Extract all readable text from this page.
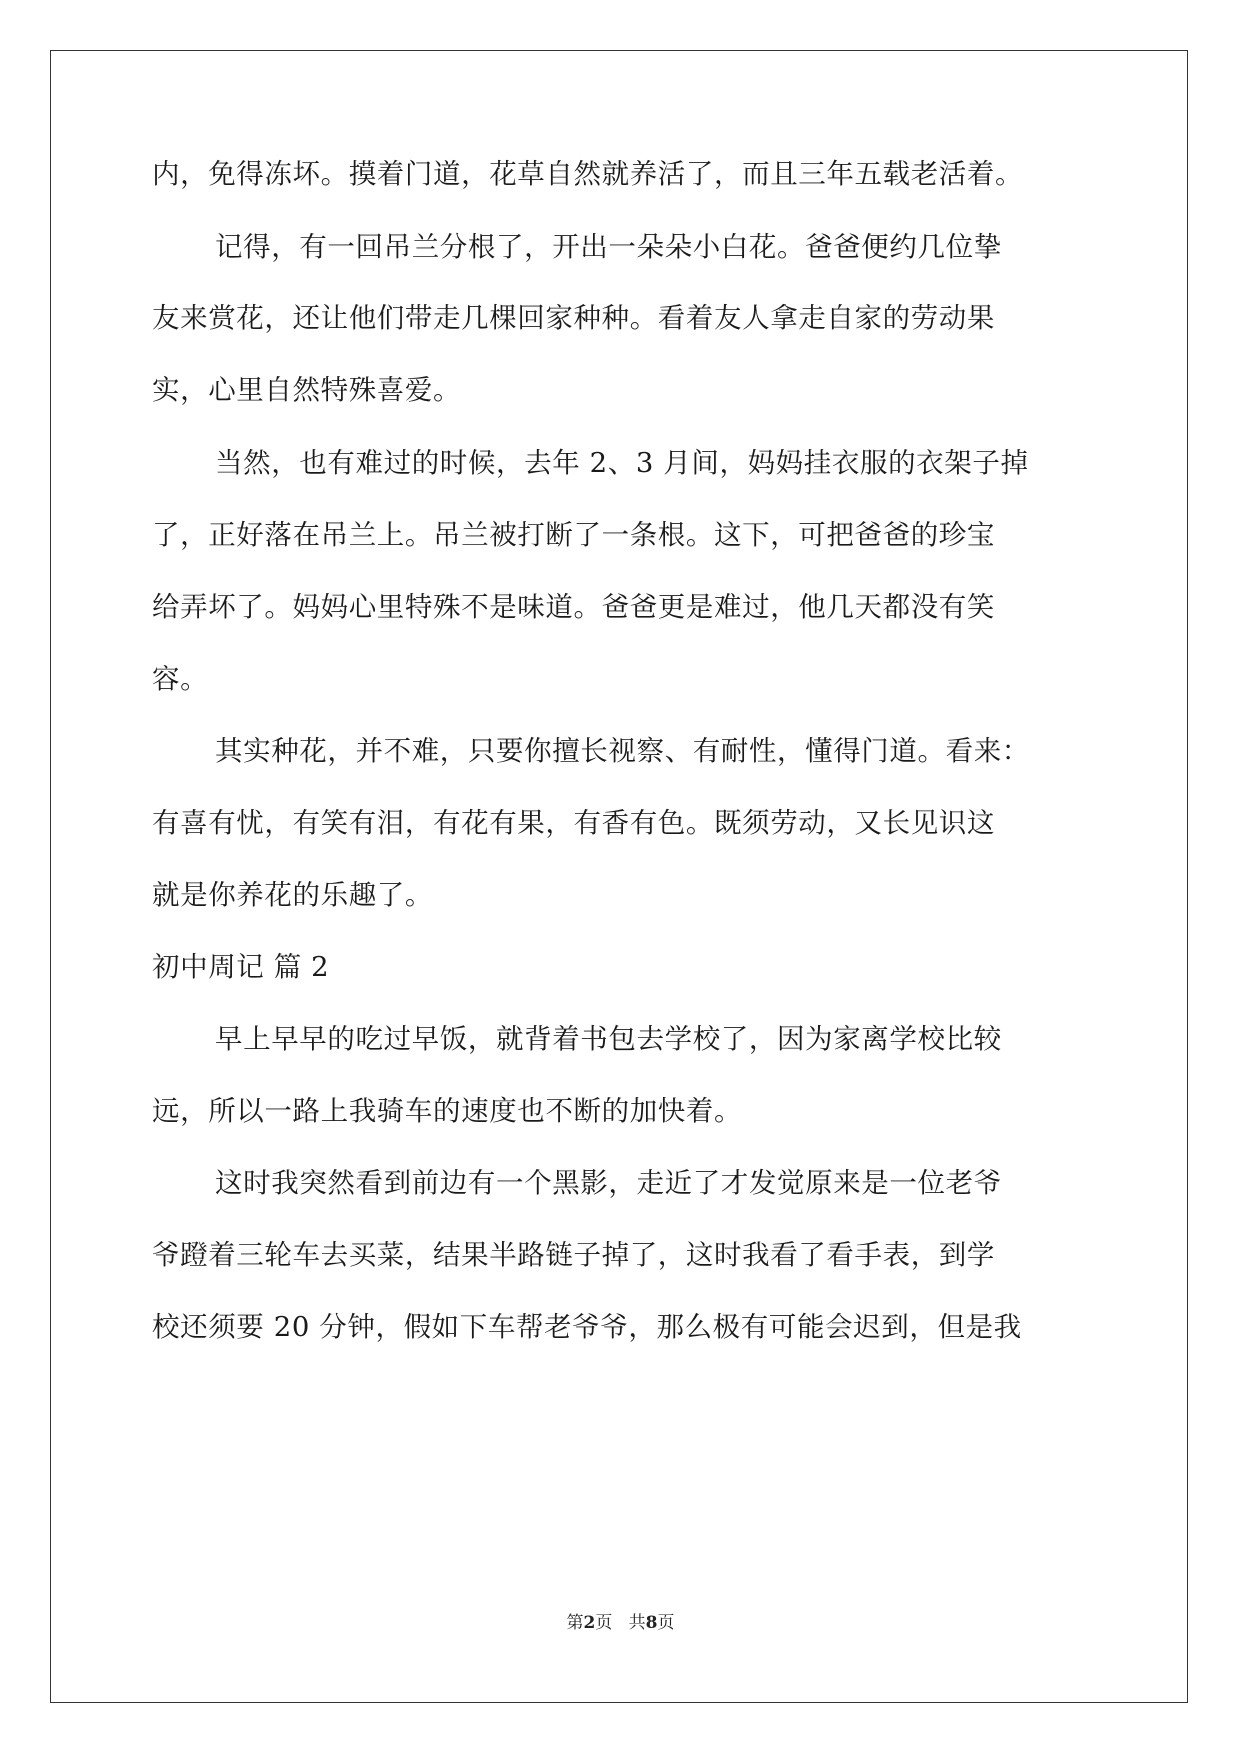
内，免得冻坏。摸着门道，花草自然就养活了，而且三年五载老活着。
记得，有一回吊兰分根了，开出一朵朵小白花。爸爸便约几位挚
友来赏花，还让他们带走几棵回家种种。看着友人拿走自家的劳动果
实，心里自然特殊喜爱。
当然，也有难过的时候，去年 2、3 月间，妈妈挂衣服的衣架子掉
了，正好落在吊兰上。吊兰被打断了一条根。这下，可把爸爸的珍宝
给弄坏了。妈妈心里特殊不是味道。爸爸更是难过，他几天都没有笑
容。
其实种花，并不难，只要你擅长视察、有耐性，懂得门道。看来：
有喜有忧，有笑有泪，有花有果，有香有色。既须劳动，又长见识这
就是你养花的乐趣了。
初中周记 篇 2
早上早早的吃过早饭，就背着书包去学校了，因为家离学校比较
远，所以一路上我骑车的速度也不断的加快着。
这时我突然看到前边有一个黑影，走近了才发觉原来是一位老爷
爷蹬着三轮车去买菜，结果半路链子掉了，这时我看了看手表，到学
校还须要 20 分钟，假如下车帮老爷爷，那么极有可能会迟到，但是我
第2页   共8页
